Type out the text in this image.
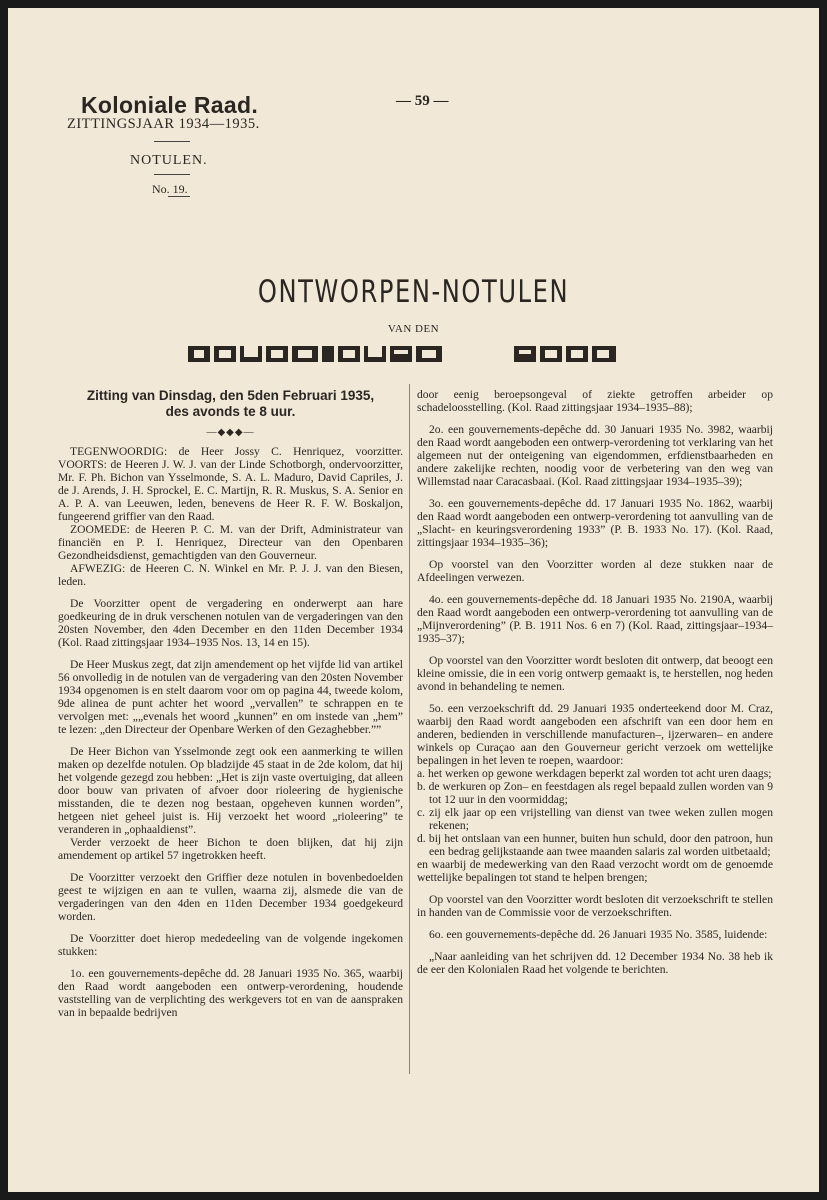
Koloniale Raad.	— 59 —
ZITTINGSJAAR 1934—1935.
NOTULEN.
No. 19.
ONTWORPEN-NOTULEN
VAN DEN
KOLONIALEN RAAD
Zitting van Dinsdag, den 5den Februari 1935,
des avonds te 8 uur.
—◆◆◆—

TEGENWOORDIG: de Heer Jossy C. Henriquez, voorzitter. VOORTS: de Heeren J. W. J. van der Linde Schotborgh, ondervoorzitter, Mr. F. Ph. Bichon van Ysselmonde, S. A. L. Maduro, David Capriles, J. de J. Arends, J. H. Sprockel, E. C. Martijn, R. R. Muskus, S. A. Senior en A. P. A. van Leeuwen, leden, benevens de Heer R. F. W. Boskaljon, fungeerend griffier van den Raad.

ZOOMEDE: de Heeren P. C. M. van der Drift, Administrateur van financiën en P. I. Henriquez, Directeur van den Openbaren Gezondheidsdienst, gemachtigden van den Gouverneur.

AFWEZIG: de Heeren C. N. Winkel en Mr. P. J. J. van den Biesen, leden.

De Voorzitter opent de vergadering en onderwerpt aan hare goedkeuring de in druk verschenen notulen van de vergaderingen van den 20sten November, den 4den December en den 11den December 1934 (Kol. Raad zittingsjaar 1934–1935 Nos. 13, 14 en 15).

De Heer Muskus zegt, dat zijn amendement op het vijfde lid van artikel 56 onvolledig in de notulen van de vergadering van den 20sten November 1934 opgenomen is en stelt daarom voor om op pagina 44, tweede kolom, 9de alinea de punt achter het woord „vervallen” te schrappen en te vervolgen met: „„evenals het woord „kunnen” en om instede van „hem” te lezen: „den Directeur der Openbare Werken of den Gezaghebber.””

De Heer Bichon van Ysselmonde zegt ook een aanmerking te willen maken op dezelfde notulen. Op bladzijde 45 staat in de 2de kolom, dat hij het volgende gezegd zou hebben: „Het is zijn vaste overtuiging, dat alleen door bouw van privaten of afvoer door rioleering de hygienische misstanden, die te dezen nog bestaan, opgeheven kunnen worden”, hetgeen niet geheel juist is. Hij verzoekt het woord „rioleering” te veranderen in „ophaaldienst”.

Verder verzoekt de heer Bichon te doen blijken, dat hij zijn amendement op artikel 57 ingetrokken heeft.

De Voorzitter verzoekt den Griffier deze notulen in bovenbedoelden geest te wijzigen en aan te vullen, waarna zij, alsmede die van de vergaderingen van den 4den en 11den December 1934 goedgekeurd worden.

De Voorzitter doet hierop mededeeling van de volgende ingekomen stukken:

1o. een gouvernements-depêche dd. 28 Januari 1935 No. 365, waarbij den Raad wordt aangeboden een ontwerp-verordening, houdende vaststelling van de verplichting des werkgevers tot en van de aanspraken van in bepaalde bedrijven

door eenig beroepsongeval of ziekte getroffen arbeider op schadeloosstelling. (Kol. Raad zittingsjaar 1934–1935–88);

2o. een gouvernements-depêche dd. 30 Januari 1935 No. 3982, waarbij den Raad wordt aangeboden een ontwerp-verordening tot verklaring van het algemeen nut der onteigening van eigendommen, erfdienstbaarheden en andere zakelijke rechten, noodig voor de verbetering van den weg van Willemstad naar Caracasbaai. (Kol. Raad zittingsjaar 1934–1935–39);

3o. een gouvernements-depêche dd. 17 Januari 1935 No. 1862, waarbij den Raad wordt aangeboden een ontwerp-verordening tot aanvulling van de „Slacht- en keuringsverordening 1933” (P. B. 1933 No. 17). (Kol. Raad, zittingsjaar 1934–1935–36);

Op voorstel van den Voorzitter worden al deze stukken naar de Afdeelingen verwezen.

4o. een gouvernements-depêche dd. 18 Januari 1935 No. 2190A, waarbij den Raad wordt aangeboden een ontwerp-verordening tot aanvulling van de „Mijnverordening” (P. B. 1911 Nos. 6 en 7) (Kol. Raad, zittingsjaar–1934–1935–37);

Op voorstel van den Voorzitter wordt besloten dit ontwerp, dat beoogt een kleine omissie, die in een vorig ontwerp gemaakt is, te herstellen, nog heden avond in behandeling te nemen.

5o. een verzoekschrift dd. 29 Januari 1935 onderteekend door M. Craz, waarbij den Raad wordt aangeboden een afschrift van een door hem en anderen, bedienden in verschillende manufacturen–, ijzerwaren– en andere winkels op Curaçao aan den Gouverneur gericht verzoek om wettelijke bepalingen in het leven te roepen, waardoor:

a. het werken op gewone werkdagen beperkt zal worden tot acht uren daags;
b. de werkuren op Zon– en feestdagen als regel bepaald zullen worden van 9 tot 12 uur in den voormiddag;
c. zij elk jaar op een vrijstelling van dienst van twee weken zullen mogen rekenen;
d. bij het ontslaan van een hunner, buiten hun schuld, door den patroon, hun een bedrag gelijkstaande aan twee maanden salaris zal worden uitbetaald;

en waarbij de medewerking van den Raad verzocht wordt om de genoemde wettelijke bepalingen tot stand te helpen brengen;

Op voorstel van den Voorzitter wordt besloten dit verzoekschrift te stellen in handen van de Commissie voor de verzoekschriften.

6o. een gouvernements-depêche dd. 26 Januari 1935 No. 3585, luidende:

„Naar aanleiding van het schrijven dd. 12 December 1934 No. 38 heb ik de eer den Kolonialen Raad het volgende te berichten.
